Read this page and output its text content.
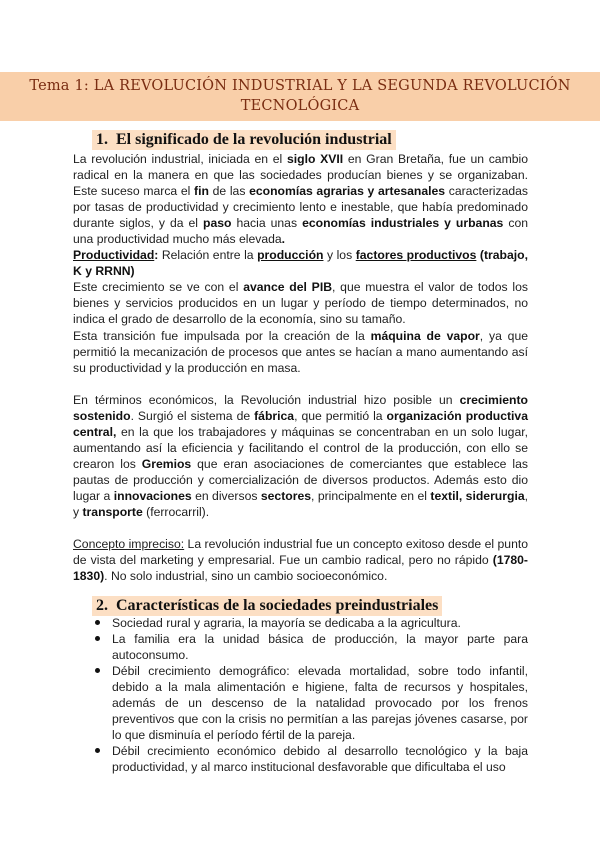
Tema 1: LA REVOLUCIÓN INDUSTRIAL Y LA SEGUNDA REVOLUCIÓN TECNOLÓGICA
1. El significado de la revolución industrial

La revolución industrial, iniciada en el siglo XVII en Gran Bretaña, fue un cambio radical en la manera en que las sociedades producían bienes y se organizaban. Este suceso marca el fin de las economías agrarias y artesanales caracterizadas por tasas de productividad y crecimiento lento e inestable, que había predominado durante siglos, y da el paso hacia unas economías industriales y urbanas con una productividad mucho más elevada.

Productividad: Relación entre la producción y los factores productivos (trabajo, K y RRNN)

Este crecimiento se ve con el avance del PIB, que muestra el valor de todos los bienes y servicios producidos en un lugar y período de tiempo determinados, no indica el grado de desarrollo de la economía, sino su tamaño.

Esta transición fue impulsada por la creación de la máquina de vapor, ya que permitió la mecanización de procesos que antes se hacían a mano aumentando así su productividad y la producción en masa.

En términos económicos, la Revolución industrial hizo posible un crecimiento sostenido. Surgió el sistema de fábrica, que permitió la organización productiva central, en la que los trabajadores y máquinas se concentraban en un solo lugar, aumentando así la eficiencia y facilitando el control de la producción, con ello se crearon los Gremios que eran asociaciones de comerciantes que establece las pautas de producción y comercialización de diversos productos. Además esto dio lugar a innovaciones en diversos sectores, principalmente en el textil, siderurgia, y transporte (ferrocarril).

Concepto impreciso: La revolución industrial fue un concepto exitoso desde el punto de vista del marketing y empresarial. Fue un cambio radical, pero no rápido (1780-1830). No solo industrial, sino un cambio socioeconómico.

2. Características de la sociedades preindustriales
Sociedad rural y agraria, la mayoría se dedicaba a la agricultura.
La familia era la unidad básica de producción, la mayor parte para autoconsumo.
Débil crecimiento demográfico: elevada mortalidad, sobre todo infantil, debido a la mala alimentación e higiene, falta de recursos y hospitales, además de un descenso de la natalidad provocado por los frenos preventivos que con la crisis no permitían a las parejas jóvenes casarse, por lo que disminuía el período fértil de la pareja.
Débil crecimiento económico debido al desarrollo tecnológico y la baja productividad, y al marco institucional desfavorable que dificultaba el uso
